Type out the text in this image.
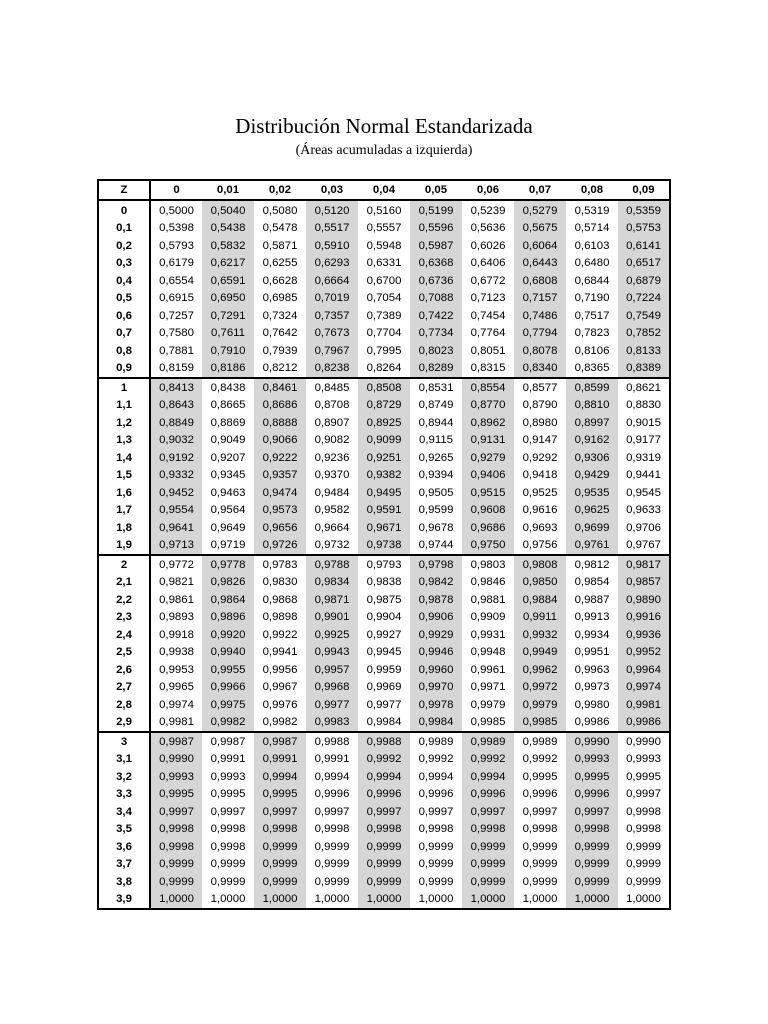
Distribución Normal Estandarizada
(Áreas acumuladas a izquierda)
Z	0	0,01	0,02	0,03	0,04	0,05	0,06	0,07	0,08	0,09
0	0,5000	0,5040	0,5080	0,5120	0,5160	0,5199	0,5239	0,5279	0,5319	0,5359
0,1	0,5398	0,5438	0,5478	0,5517	0,5557	0,5596	0,5636	0,5675	0,5714	0,5753
0,2	0,5793	0,5832	0,5871	0,5910	0,5948	0,5987	0,6026	0,6064	0,6103	0,6141
0,3	0,6179	0,6217	0,6255	0,6293	0,6331	0,6368	0,6406	0,6443	0,6480	0,6517
0,4	0,6554	0,6591	0,6628	0,6664	0,6700	0,6736	0,6772	0,6808	0,6844	0,6879
0,5	0,6915	0,6950	0,6985	0,7019	0,7054	0,7088	0,7123	0,7157	0,7190	0,7224
0,6	0,7257	0,7291	0,7324	0,7357	0,7389	0,7422	0,7454	0,7486	0,7517	0,7549
0,7	0,7580	0,7611	0,7642	0,7673	0,7704	0,7734	0,7764	0,7794	0,7823	0,7852
0,8	0,7881	0,7910	0,7939	0,7967	0,7995	0,8023	0,8051	0,8078	0,8106	0,8133
0,9	0,8159	0,8186	0,8212	0,8238	0,8264	0,8289	0,8315	0,8340	0,8365	0,8389
1	0,8413	0,8438	0,8461	0,8485	0,8508	0,8531	0,8554	0,8577	0,8599	0,8621
1,1	0,8643	0,8665	0,8686	0,8708	0,8729	0,8749	0,8770	0,8790	0,8810	0,8830
1,2	0,8849	0,8869	0,8888	0,8907	0,8925	0,8944	0,8962	0,8980	0,8997	0,9015
1,3	0,9032	0,9049	0,9066	0,9082	0,9099	0,9115	0,9131	0,9147	0,9162	0,9177
1,4	0,9192	0,9207	0,9222	0,9236	0,9251	0,9265	0,9279	0,9292	0,9306	0,9319
1,5	0,9332	0,9345	0,9357	0,9370	0,9382	0,9394	0,9406	0,9418	0,9429	0,9441
1,6	0,9452	0,9463	0,9474	0,9484	0,9495	0,9505	0,9515	0,9525	0,9535	0,9545
1,7	0,9554	0,9564	0,9573	0,9582	0,9591	0,9599	0,9608	0,9616	0,9625	0,9633
1,8	0,9641	0,9649	0,9656	0,9664	0,9671	0,9678	0,9686	0,9693	0,9699	0,9706
1,9	0,9713	0,9719	0,9726	0,9732	0,9738	0,9744	0,9750	0,9756	0,9761	0,9767
2	0,9772	0,9778	0,9783	0,9788	0,9793	0,9798	0,9803	0,9808	0,9812	0,9817
2,1	0,9821	0,9826	0,9830	0,9834	0,9838	0,9842	0,9846	0,9850	0,9854	0,9857
2,2	0,9861	0,9864	0,9868	0,9871	0,9875	0,9878	0,9881	0,9884	0,9887	0,9890
2,3	0,9893	0,9896	0,9898	0,9901	0,9904	0,9906	0,9909	0,9911	0,9913	0,9916
2,4	0,9918	0,9920	0,9922	0,9925	0,9927	0,9929	0,9931	0,9932	0,9934	0,9936
2,5	0,9938	0,9940	0,9941	0,9943	0,9945	0,9946	0,9948	0,9949	0,9951	0,9952
2,6	0,9953	0,9955	0,9956	0,9957	0,9959	0,9960	0,9961	0,9962	0,9963	0,9964
2,7	0,9965	0,9966	0,9967	0,9968	0,9969	0,9970	0,9971	0,9972	0,9973	0,9974
2,8	0,9974	0,9975	0,9976	0,9977	0,9977	0,9978	0,9979	0,9979	0,9980	0,9981
2,9	0,9981	0,9982	0,9982	0,9983	0,9984	0,9984	0,9985	0,9985	0,9986	0,9986
3	0,9987	0,9987	0,9987	0,9988	0,9988	0,9989	0,9989	0,9989	0,9990	0,9990
3,1	0,9990	0,9991	0,9991	0,9991	0,9992	0,9992	0,9992	0,9992	0,9993	0,9993
3,2	0,9993	0,9993	0,9994	0,9994	0,9994	0,9994	0,9994	0,9995	0,9995	0,9995
3,3	0,9995	0,9995	0,9995	0,9996	0,9996	0,9996	0,9996	0,9996	0,9996	0,9997
3,4	0,9997	0,9997	0,9997	0,9997	0,9997	0,9997	0,9997	0,9997	0,9997	0,9998
3,5	0,9998	0,9998	0,9998	0,9998	0,9998	0,9998	0,9998	0,9998	0,9998	0,9998
3,6	0,9998	0,9998	0,9999	0,9999	0,9999	0,9999	0,9999	0,9999	0,9999	0,9999
3,7	0,9999	0,9999	0,9999	0,9999	0,9999	0,9999	0,9999	0,9999	0,9999	0,9999
3,8	0,9999	0,9999	0,9999	0,9999	0,9999	0,9999	0,9999	0,9999	0,9999	0,9999
3,9	1,0000	1,0000	1,0000	1,0000	1,0000	1,0000	1,0000	1,0000	1,0000	1,0000
